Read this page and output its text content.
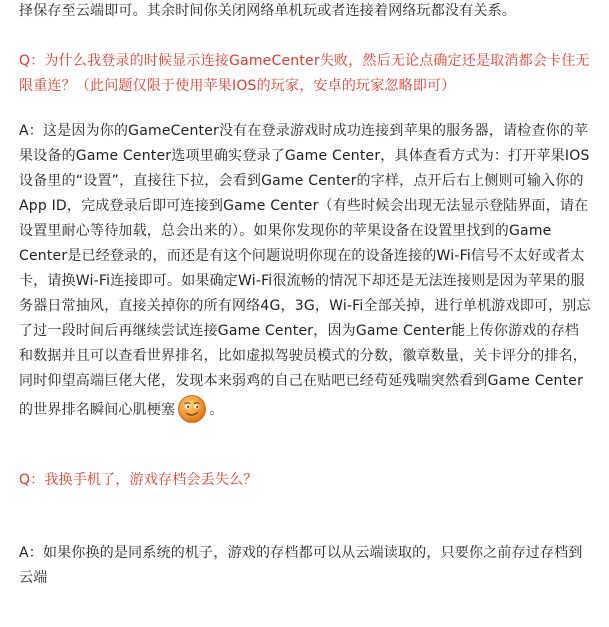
择保存至云端即可。其余时间你关闭网络单机玩或者连接着网络玩都没有关系。

Q：为什么我登录的时候显示连接GameCenter失败，然后无论点确定还是取消都会卡住无限重连？（此问题仅限于使用苹果IOS的玩家，安卓的玩家忽略即可）

A：这是因为你的GameCenter没有在登录游戏时成功连接到苹果的服务器，请检查你的苹果设备的Game Center选项里确实登录了Game Center，具体查看方式为：打开苹果IOS设备里的“设置”，直接往下拉，会看到Game Center的字样，点开后右上侧则可输入你的App ID，完成登录后即可连接到Game Center（有些时候会出现无法显示登陆界面，请在设置里耐心等待加载，总会出来的）。如果你发现你的苹果设备在设置里找到的Game Center是已经登录的，而还是有这个问题说明你现在的设备连接的Wi-Fi信号不太好或者太卡，请换Wi-Fi连接即可。如果确定Wi-Fi很流畅的情况下却还是无法连接则是因为苹果的服务器日常抽风，直接关掉你的所有网络4G，3G，Wi-Fi全部关掉，进行单机游戏即可，别忘了过一段时间后再继续尝试连接Game Center，因为Game Center能上传你游戏的存档和数据并且可以查看世界排名，比如虚拟驾驶员模式的分数，徽章数量，关卡评分的排名，同时仰望高端巨佬大佬，发现本来弱鸡的自己在贴吧已经苟延残喘突然看到Game Center的世界排名瞬间心肌梗塞 。

Q：我换手机了，游戏存档会丢失么？

A：如果你换的是同系统的机子，游戏的存档都可以从云端读取的，只要你之前存过存档到云端
